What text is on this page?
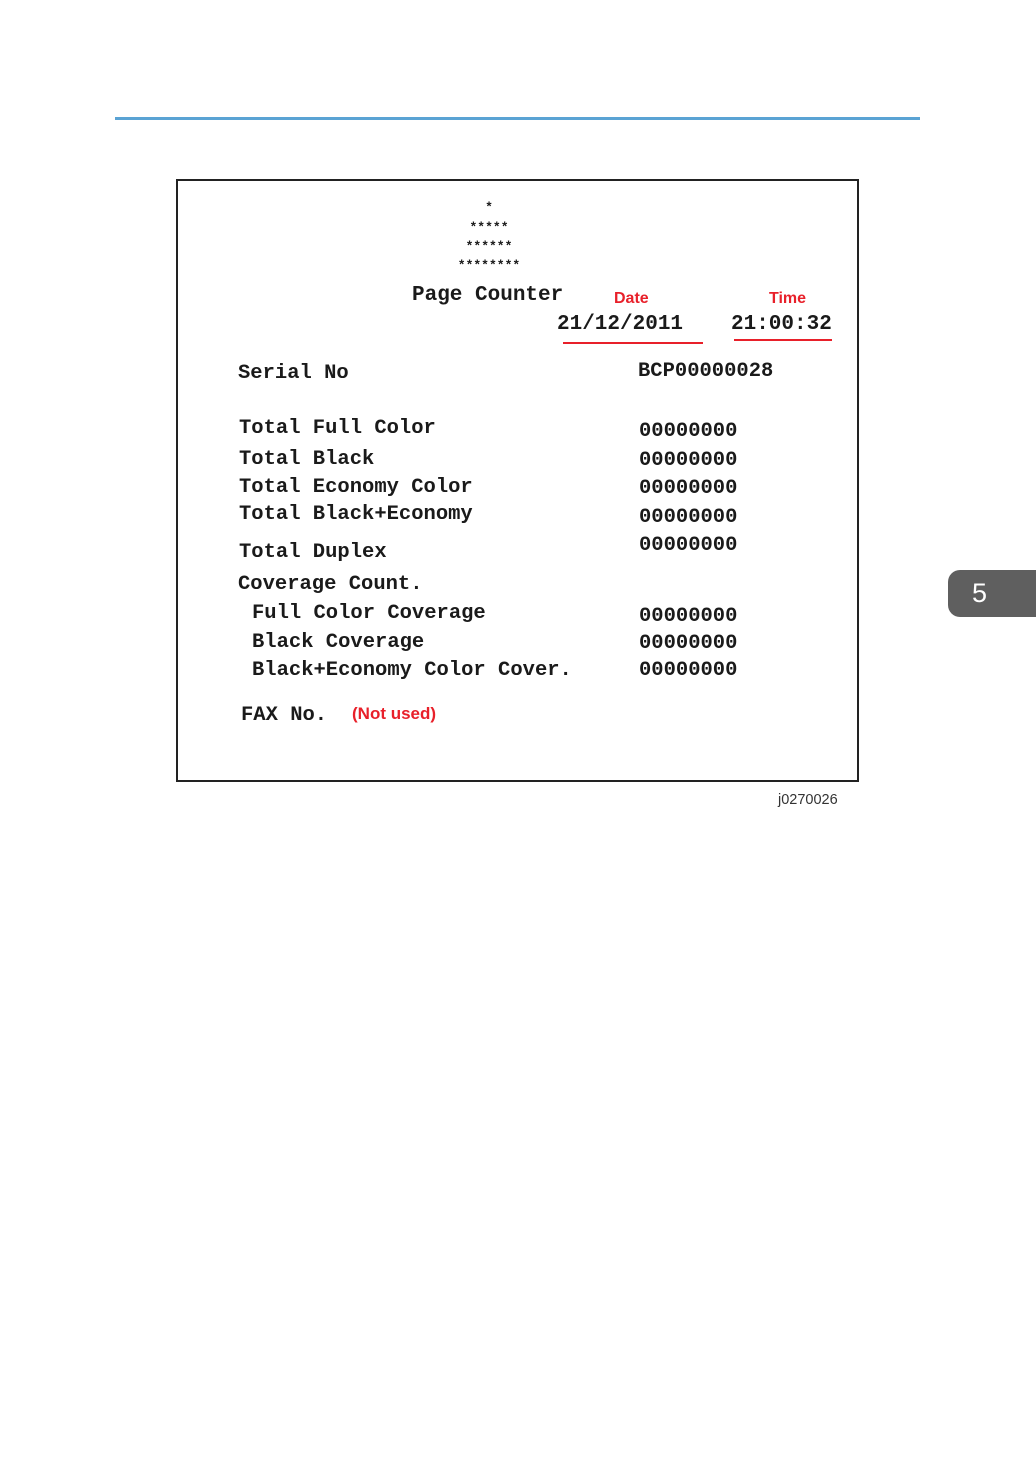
5
*
*****
******
********
Page Counter	Date	Time
21/12/2011 21:00:32
Serial No	BCP00000028
Total Full Color	00000000
Total Black	00000000
Total Economy Color	00000000
Total Black+Economy	00000000
Total Duplex	00000000
Coverage Count.
Full Color Coverage	00000000
Black Coverage	00000000
Black+Economy Color Cover.	00000000
FAX No. (Not used)
j0270026
